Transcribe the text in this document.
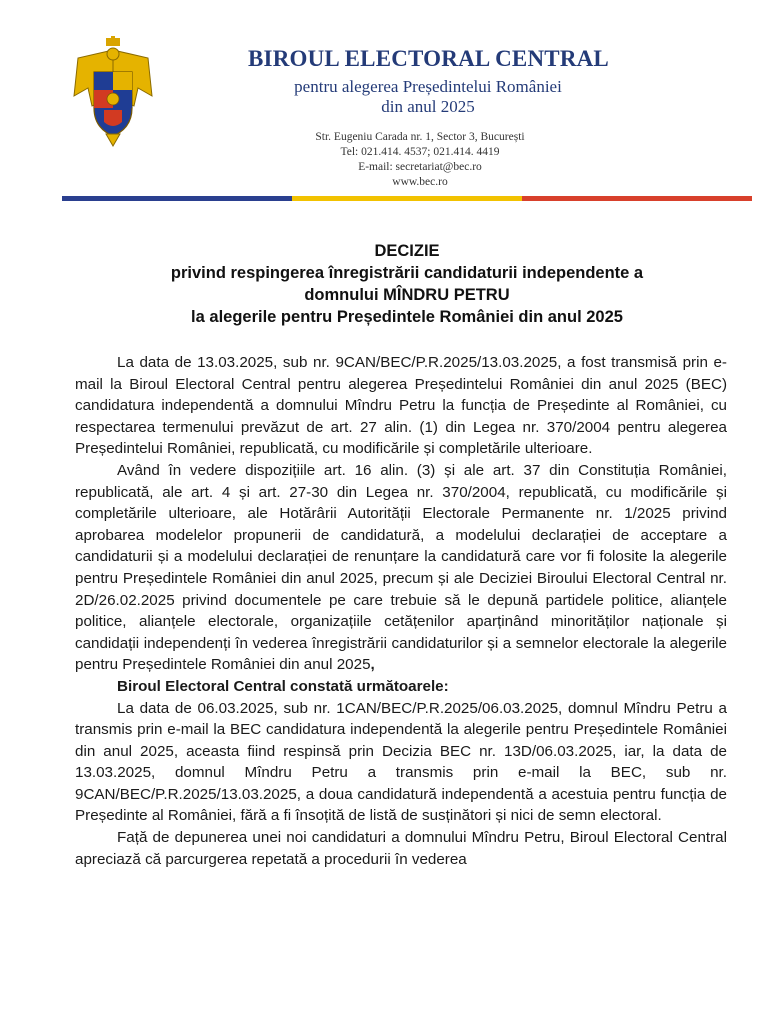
BIROUL ELECTORAL CENTRAL
pentru alegerea Președintelui României
din anul 2025
Str. Eugeniu Carada nr. 1, Sector 3, București
Tel: 021.414. 4537; 021.414. 4419
E-mail: secretariat@bec.ro
www.bec.ro
DECIZIE
privind respingerea înregistrării candidaturii independente a
domnului MÎNDRU PETRU
la alegerile pentru Președintele României din anul 2025

La data de 13.03.2025, sub nr. 9CAN/BEC/P.R.2025/13.03.2025, a fost transmisă prin e-mail la Biroul Electoral Central pentru alegerea Președintelui României din anul 2025 (BEC) candidatura independentă a domnului Mîndru Petru la funcția de Președinte al României, cu respectarea termenului prevăzut de art. 27 alin. (1) din Legea nr. 370/2004 pentru alegerea Președintelui României, republicată, cu modificările și completările ulterioare.

Având în vedere dispozițiile art. 16 alin. (3) și ale art. 37 din Constituția României, republicată, ale art. 4 și art. 27-30 din Legea nr. 370/2004, republicată, cu modificările și completările ulterioare, ale Hotărârii Autorității Electorale Permanente nr. 1/2025 privind aprobarea modelelor propunerii de candidatură, a modelului declarației de acceptare a candidaturii și a modelului declarației de renunțare la candidatură care vor fi folosite la alegerile pentru Președintele României din anul 2025, precum și ale Deciziei Biroului Electoral Central nr. 2D/26.02.2025 privind documentele pe care trebuie să le depună partidele politice, alianțele politice, alianțele electorale, organizațiile cetățenilor aparținând minorităților naționale și candidații independenți în vederea înregistrării candidaturilor și a semnelor electorale la alegerile pentru Președintele României din anul 2025,

Biroul Electoral Central constată următoarele:

La data de 06.03.2025, sub nr. 1CAN/BEC/P.R.2025/06.03.2025, domnul Mîndru Petru a transmis prin e-mail la BEC candidatura independentă la alegerile pentru Președintele României din anul 2025, aceasta fiind respinsă prin Decizia BEC nr. 13D/06.03.2025, iar, la data de 13.03.2025, domnul Mîndru Petru a transmis prin e-mail la BEC, sub nr. 9CAN/BEC/P.R.2025/13.03.2025, a doua candidatură independentă a acestuia pentru funcția de Președinte al României, fără a fi însoțită de listă de susținători și nici de semn electoral.

Față de depunerea unei noi candidaturi a domnului Mîndru Petru, Biroul Electoral Central apreciază că parcurgerea repetată a procedurii în vederea
